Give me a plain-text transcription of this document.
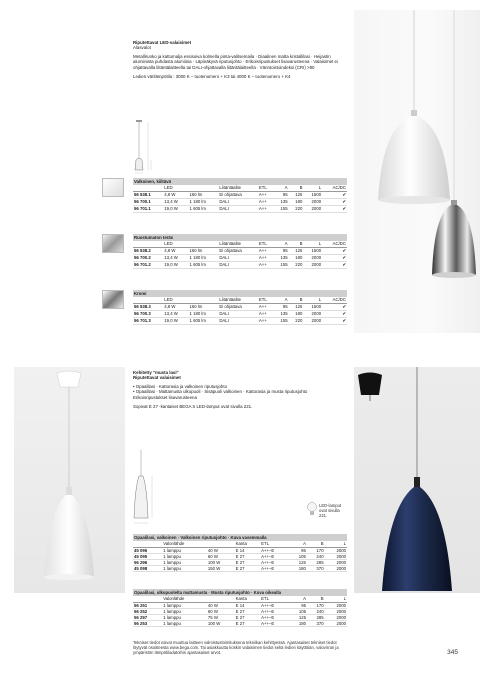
Riputettavat LED-valaisimet
Alasvalot
Metallirunko ja kattomalja essisoiva kolmella pinta-valitsemaila · Diaalinen matta kristallilasi · Heijastin alumiinista puhdasta alumiinia · Läpinäkyvä riputusjohto · Erikoisripustukset lisavarusteena · Valaisimet ei ohjattavalla liitäntälaitteella tai DALI-ohjattavalla liitäntälaitteella · Värintoistoindeksi (CRI) >80
Ledien värilämpötila : 3000 K – tuotenumero + K3 tai 4000 K – tuotenumero + K4
Valkoinen, kiiltävä								
	LED		Liitäntäalite	ETL	A	B	L	AC/DC
56 538.1	4,8 W	160 lm	Ei ohjattava	A++	95	125	1500	✔
56 700.1	13,4 W	1 180 lm	DALI	A++	135	180	2000	✔
56 701.1	19,0 W	1 605 lm	DALI	A++	155	220	2000	✔
Ruostumaton teräs								
	LED		Liitäntäalite	ETL	A	B	L	AC/DC
56 538.2	4,8 W	160 lm	Ei ohjattava	A++	95	125	1500	✔
56 700.2	13,4 W	1 180 lm	DALI	A++	135	180	2000	✔
56 701.2	19,0 W	1 605 lm	DALI	A++	155	220	2000	✔
Kromi								
	LED		Liitäntäalite	ETL	A	B	L	AC/DC
56 538.3	4,8 W	160 lm	Ei ohjattava	A++	95	125	1500	✔
56 700.3	13,4 W	1 180 lm	DALI	A++	135	180	2000	✔
56 701.3	19,0 W	1 605 lm	DALI	A++	155	220	2000	✔
Kehitetty "musta lasi"
Riputettavat valaisimet
• Opaalilasi · Kattorasia ja valkoinen riputusjohto
• Opaalilasi · Mattamusta ulkopuoli · Sisäpuoli valkoinen · Kattorasia ja musta riputusjohto
Erikoisripustukset lisavarusteena
Sopivat E 27 -kantaiset BEGA:n LED-lamput ovat sivulla 221.
LED-lamput ovat sivulla 221.
Opaalilasi, valkoinen · Valkoinen riputusjohto · Kuva vasemmalla							
	Valonlähde		Kanta	ETL	A	B	L
45 096	1 lamppu	40 W	E 14	A++–E	95	170	2000
45 095	1 lamppu	60 W	E 27	A++–E	105	240	2000
56 296	1 lamppu	100 W	E 27	A++–E	125	285	2000
45 098	1 lamppu	150 W	E 27	A++–E	180	370	2000
Opaalilasi, ulkopuolelta mattamusta · Musta riputusjohto · Kuva oikealla							
	Valonlähde		Kanta	ETL	A	B	L
56 251	1 lamppu	40 W	E 14	A++–E	95	170	2000
56 252	1 lamppu	60 W	E 27	A++–E	105	240	2000
56 297	1 lamppu	75 W	E 27	A++–E	125	285	2000
56 253	1 lamppu	100 W	E 27	A++–E	180	370	2000
Tekniset tiedot voivat muuttua laitteen valmistustoimituksena tekniikan kehittyessä. Ajantasaiset tekniset tiedot löytyvät osoitteesta www.bega.com. Tai asiakkuutta koskin valaisimen tiedot sekä ledien käyttöiän, valovirran ja ympäristön lämpötiladatoihin ajantasaiset arvot.	345
